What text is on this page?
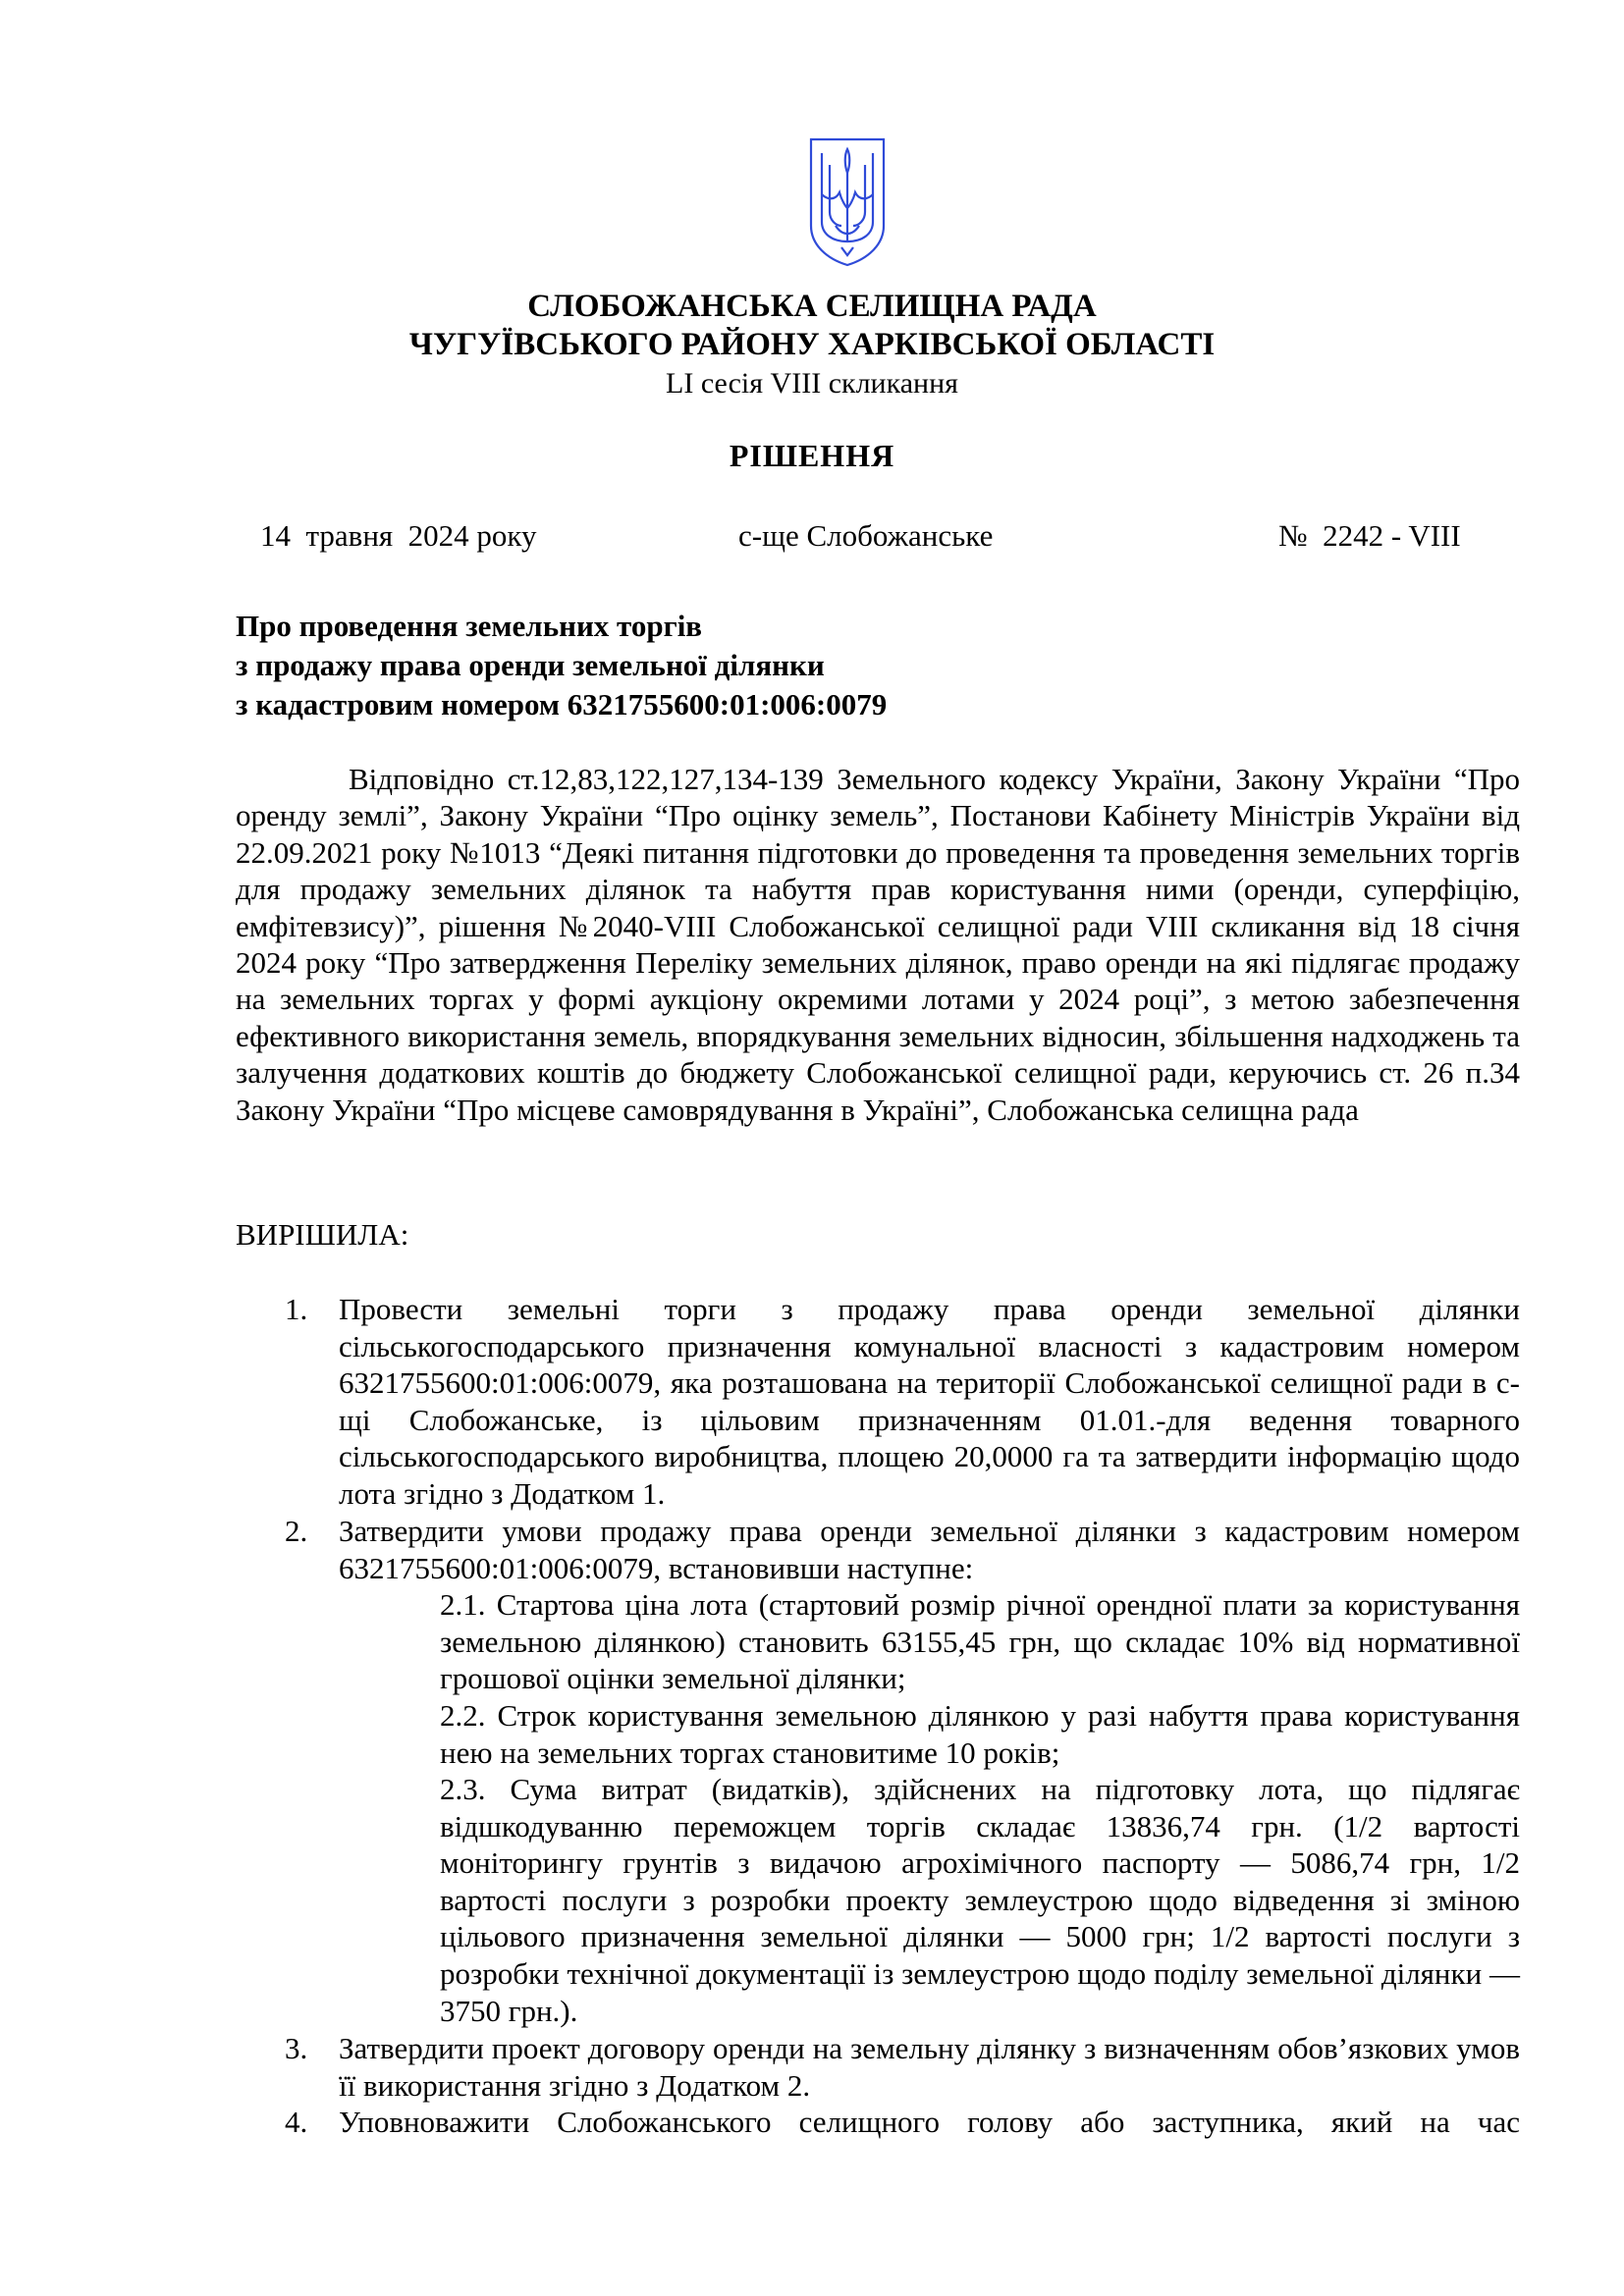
СЛОБОЖАНСЬКА СЕЛИЩНА РАДА
ЧУГУЇВСЬКОГО РАЙОНУ ХАРКІВСЬКОЇ ОБЛАСТІ
LI сесія VIII скликання
РІШЕННЯ
14  травня  2024 року	с-ще Слобожанське	№  2242 - VIII
Про проведення земельних торгів
з продажу права оренди земельної ділянки
з кадастровим номером 6321755600:01:006:0079
Відповідно ст.12,83,122,127,134-139 Земельного кодексу України, Закону України “Про оренду землі”, Закону України “Про оцінку земель”, Постанови Кабінету Міністрів України від 22.09.2021 року №1013 “Деякі питання підготовки до проведення та проведення земельних торгів для продажу земельних ділянок та набуття прав користування ними (оренди, суперфіцію, емфітевзису)”, рішення №2040-VIII Слобожанської селищної ради VIII скликання від 18 січня 2024 року “Про затвердження Переліку земельних ділянок, право оренди на які підлягає продажу на земельних торгах у формі аукціону окремими лотами у 2024 році”, з метою забезпечення ефективного використання земель, впорядкування земельних відносин, збільшення надходжень та залучення додаткових коштів до бюджету Слобожанської селищної ради, керуючись ст. 26 п.34 Закону України “Про місцеве самоврядування в Україні”, Слобожанська селищна рада
ВИРІШИЛА:
1. Провести земельні торги з продажу права оренди земельної ділянки сільськогосподарського призначення комунальної власності з кадастровим номером 6321755600:01:006:0079, яка розташована на території Слобожанської селищної ради в с-щі Слобожанське, із цільовим призначенням 01.01.-для ведення товарного сільськогосподарського виробництва, площею 20,0000 га та затвердити інформацію щодо лота згідно з Додатком 1.
2. Затвердити умови продажу права оренди земельної ділянки з кадастровим номером 6321755600:01:006:0079, встановивши наступне:
2.1. Стартова ціна лота (стартовий розмір річної орендної плати за користування земельною ділянкою) становить 63155,45 грн, що складає 10% від нормативної грошової оцінки земельної ділянки;
2.2. Строк користування земельною ділянкою у разі набуття права користування нею на земельних торгах становитиме 10 років;
2.3. Сума витрат (видатків), здійснених на підготовку лота, що підлягає відшкодуванню переможцем торгів складає 13836,74 грн. (1/2 вартості моніторингу грунтів з видачою агрохімічного паспорту — 5086,74 грн, 1/2 вартості послуги з розробки проекту землеустрою щодо відведення зі зміною цільового призначення земельної ділянки — 5000 грн; 1/2 вартості послуги з розробки технічної документації із землеустрою щодо поділу земельної ділянки — 3750 грн.).
3. Затвердити проект договору оренди на земельну ділянку з визначенням обов’язкових умов її використання згідно з Додатком 2.
4. Уповноважити Слобожанського селищного голову або заступника, який на час
